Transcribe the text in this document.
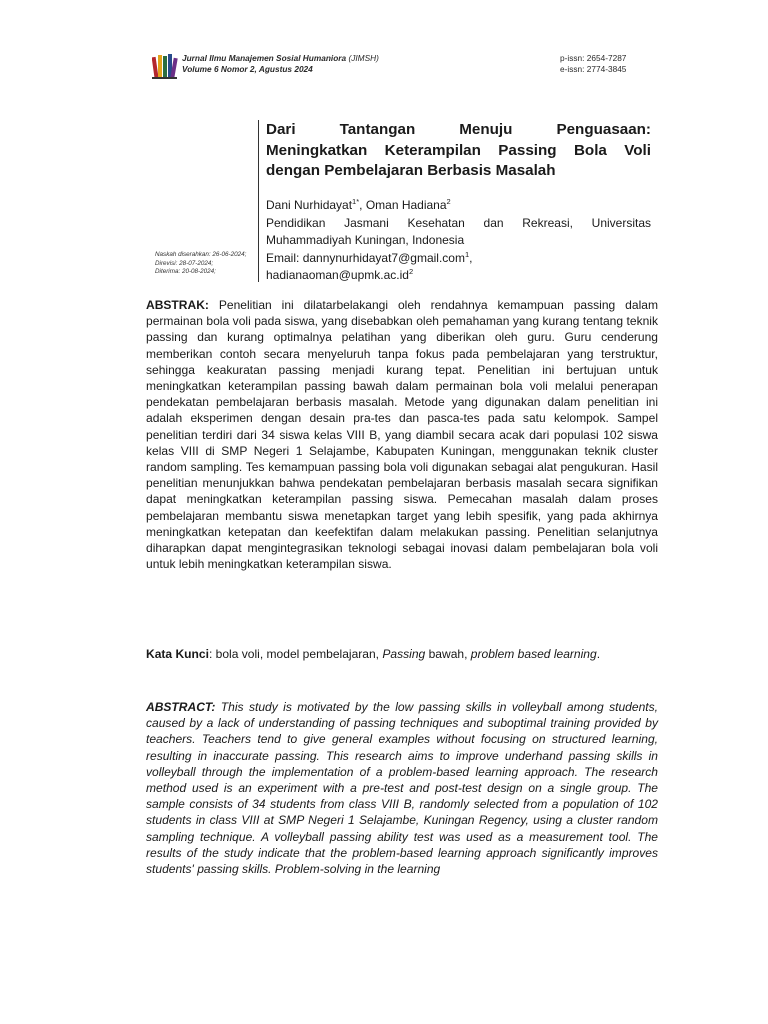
Jurnal Ilmu Manajemen Sosial Humaniora (JIMSH)
Volume 6 Nomor 2, Agustus 2024
p-issn: 2654-7287
e-issn: 2774-3845
Dari Tantangan Menuju Penguasaan:
Meningkatkan Keterampilan Passing Bola Voli
dengan Pembelajaran Berbasis Masalah
Dani Nurhidayat$^{1*}$, Oman Hadiana$^2$
Pendidikan Jasmani Kesehatan dan Rekreasi, Universitas
Muhammadiyah Kuningan, Indonesia
Email: dannynurhidayat7@gmail.com$^1$,
$hadianaoman@upmk.ac.id^2$
Naskah diserahkan: 26-06-2024;
Direvisi: 28-07-2024;
Diterima: 20-08-2024;
ABSTRAK: Penelitian ini dilatarbelakangi oleh rendahnya kemampuan passing dalam permainan bola voli pada siswa, yang disebabkan oleh pemahaman yang kurang tentang teknik passing dan kurang optimalnya pelatihan yang diberikan oleh guru. Guru cenderung memberikan contoh secara menyeluruh tanpa fokus pada pembelajaran yang terstruktur, sehingga keakuratan passing menjadi kurang tepat. Penelitian ini bertujuan untuk meningkatkan keterampilan passing bawah dalam permainan bola voli melalui penerapan pendekatan pembelajaran berbasis masalah. Metode yang digunakan dalam penelitian ini adalah eksperimen dengan desain pra-tes dan pasca-tes pada satu kelompok. Sampel penelitian terdiri dari 34 siswa kelas VIII B, yang diambil secara acak dari populasi 102 siswa kelas VIII di SMP Negeri 1 Selajambe, Kabupaten Kuningan, menggunakan teknik cluster random sampling. Tes kemampuan passing bola voli digunakan sebagai alat pengukuran. Hasil penelitian menunjukkan bahwa pendekatan pembelajaran berbasis masalah secara signifikan dapat meningkatkan keterampilan passing siswa. Pemecahan masalah dalam proses pembelajaran membantu siswa menetapkan target yang lebih spesifik, yang pada akhirnya meningkatkan ketepatan dan keefektifan dalam melakukan passing. Penelitian selanjutnya diharapkan dapat mengintegrasikan teknologi sebagai inovasi dalam pembelajaran bola voli untuk lebih meningkatkan keterampilan siswa.
Kata Kunci: bola voli, model pembelajaran, Passing bawah, problem based learning.
ABSTRACT: This study is motivated by the low passing skills in volleyball among students, caused by a lack of understanding of passing techniques and suboptimal training provided by teachers. Teachers tend to give general examples without focusing on structured learning, resulting in inaccurate passing. This research aims to improve underhand passing skills in volleyball through the implementation of a problem-based learning approach. The research method used is an experiment with a pre-test and post-test design on a single group. The sample consists of 34 students from class VIII B, randomly selected from a population of 102 students in class VIII at SMP Negeri 1 Selajambe, Kuningan Regency, using a cluster random sampling technique. A volleyball passing ability test was used as a measurement tool. The results of the study indicate that the problem-based learning approach significantly improves students' passing skills. Problem-solving in the learning
